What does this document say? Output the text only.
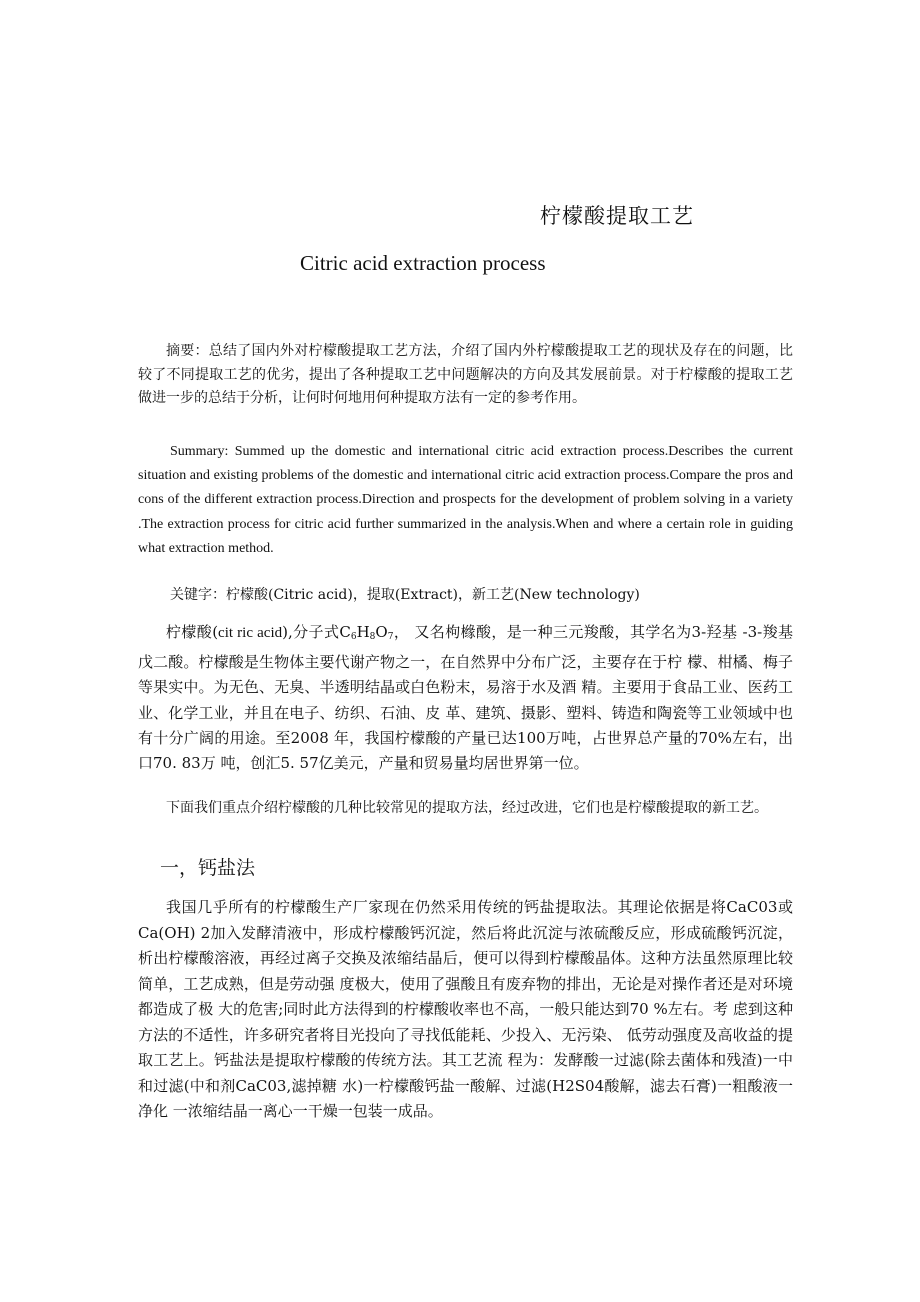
柠檬酸提取工艺
Citric acid extraction process

摘要：总结了国内外对柠檬酸提取工艺方法，介绍了国内外柠檬酸提取工艺的现状及存在的问题，比较了不同提取工艺的优劣，提出了各种提取工艺中问题解决的方向及其发展前景。对于柠檬酸的提取工艺做进一步的总结于分析，让何时何地用何种提取方法有一定的参考作用。

Summary: Summed up the domestic and international citric acid extraction process.Describes the current situation and existing problems of the domestic and international citric acid extraction process.Compare the pros and cons of the different extraction process.Direction and prospects for the development of problem solving in a variety .The extraction process for citric acid further summarized in the analysis.When and where a certain role in guiding what extraction method.

关键字：柠檬酸(Citric acid)，提取(Extract)，新工艺(New technology)

柠檬酸(cit ric acid),分子式$C_6H_8O_7$， 又名枸橼酸，是一种三元羧酸，其学名为3-羟基 -3-羧基戊二酸。柠檬酸是生物体主要代谢产物之一，在自然界中分布广泛，主要存在于柠 檬、柑橘、梅子等果实中。为无色、无臭、半透明结晶或白色粉末，易溶于水及酒 精。主要用于食品工业、医药工业、化学工业，并且在电子、纺织、石油、皮 革、建筑、摄影、塑料、铸造和陶瓷等工业领域中也有十分广阔的用途。至2008 年，我国柠檬酸的产量已达100万吨，占世界总产量的70%左右，出口70. 83万 吨，创汇5. 57亿美元，产量和贸易量均居世界第一位。

下面我们重点介绍柠檬酸的几种比较常见的提取方法，经过改进，它们也是柠檬酸提取的新工艺。

一，钙盐法

我国几乎所有的柠檬酸生产厂家现在仍然采用传统的钙盐提取法。其理论依据是将CaC03或Ca(OH) 2加入发酵清液中，形成柠檬酸钙沉淀，然后将此沉淀与浓硫酸反应，形成硫酸钙沉淀，析出柠檬酸溶液，再经过离子交换及浓缩结晶后，便可以得到柠檬酸晶体。这种方法虽然原理比较简单，工艺成熟，但是劳动强 度极大，使用了强酸且有废弃物的排出，无论是对操作者还是对环境都造成了极 大的危害;同时此方法得到的柠檬酸收率也不高，一般只能达到70 %左右。考 虑到这种方法的不适性，许多研究者将目光投向了寻找低能耗、少投入、无污染、 低劳动强度及高收益的提取工艺上。钙盐法是提取柠檬酸的传统方法。其工艺流 程为：发酵酸一过滤(除去菌体和残渣)一中和过滤(中和剂CaC03,滤掉糖 水)一柠檬酸钙盐一酸解、过滤(H2S04酸解，滤去石膏)一粗酸液一净化 一浓缩结晶一离心一干燥一包装一成品。
